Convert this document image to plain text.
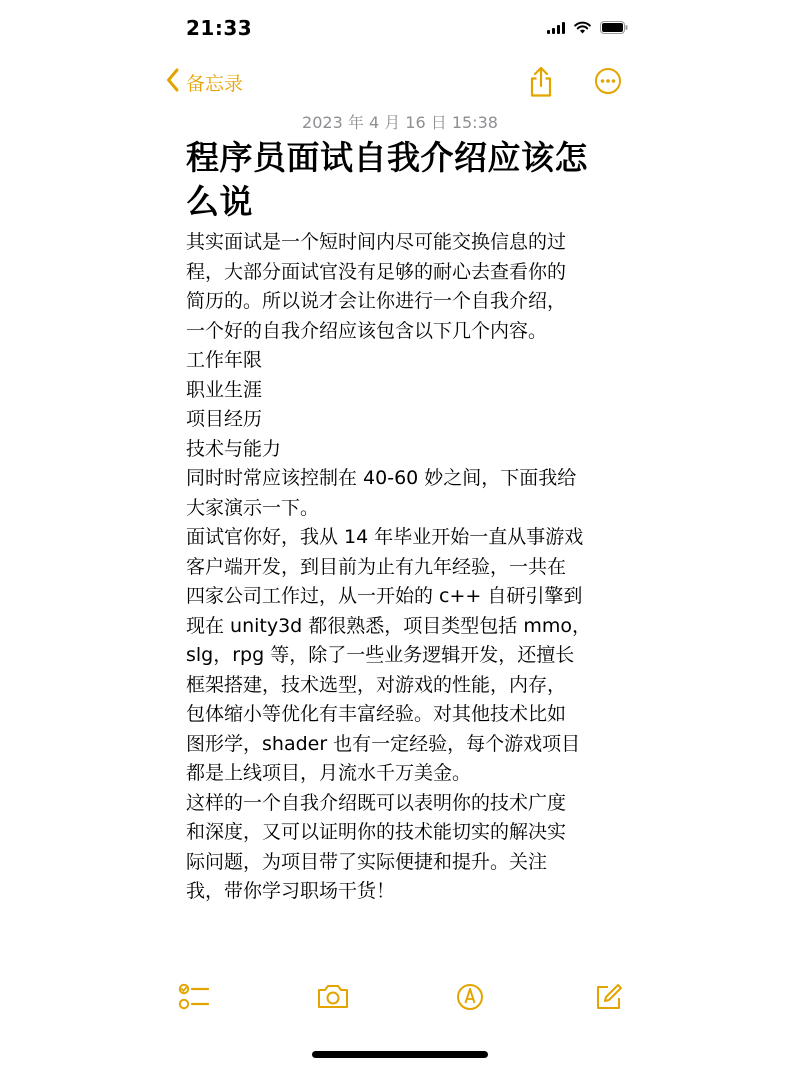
21:33
备忘录
2023 年 4 月 16 日 15:38
程序员面试自我介绍应该怎
么说
其实面试是一个短时间内尽可能交换信息的过
程，大部分面试官没有足够的耐心去查看你的
简历的。所以说才会让你进行一个自我介绍，
一个好的自我介绍应该包含以下几个内容。
工作年限
职业生涯
项目经历
技术与能力
同时时常应该控制在 40-60 妙之间，下面我给
大家演示一下。
面试官你好，我从 14 年毕业开始一直从事游戏
客户端开发，到目前为止有九年经验，一共在
四家公司工作过，从一开始的 c++ 自研引擎到
现在 unity3d 都很熟悉，项目类型包括 mmo，
slg，rpg 等，除了一些业务逻辑开发，还擅长
框架搭建，技术选型，对游戏的性能，内存，
包体缩小等优化有丰富经验。对其他技术比如
图形学，shader 也有一定经验，每个游戏项目
都是上线项目，月流水千万美金。
这样的一个自我介绍既可以表明你的技术广度
和深度，又可以证明你的技术能切实的解决实
际问题，为项目带了实际便捷和提升。关注
我，带你学习职场干货！
